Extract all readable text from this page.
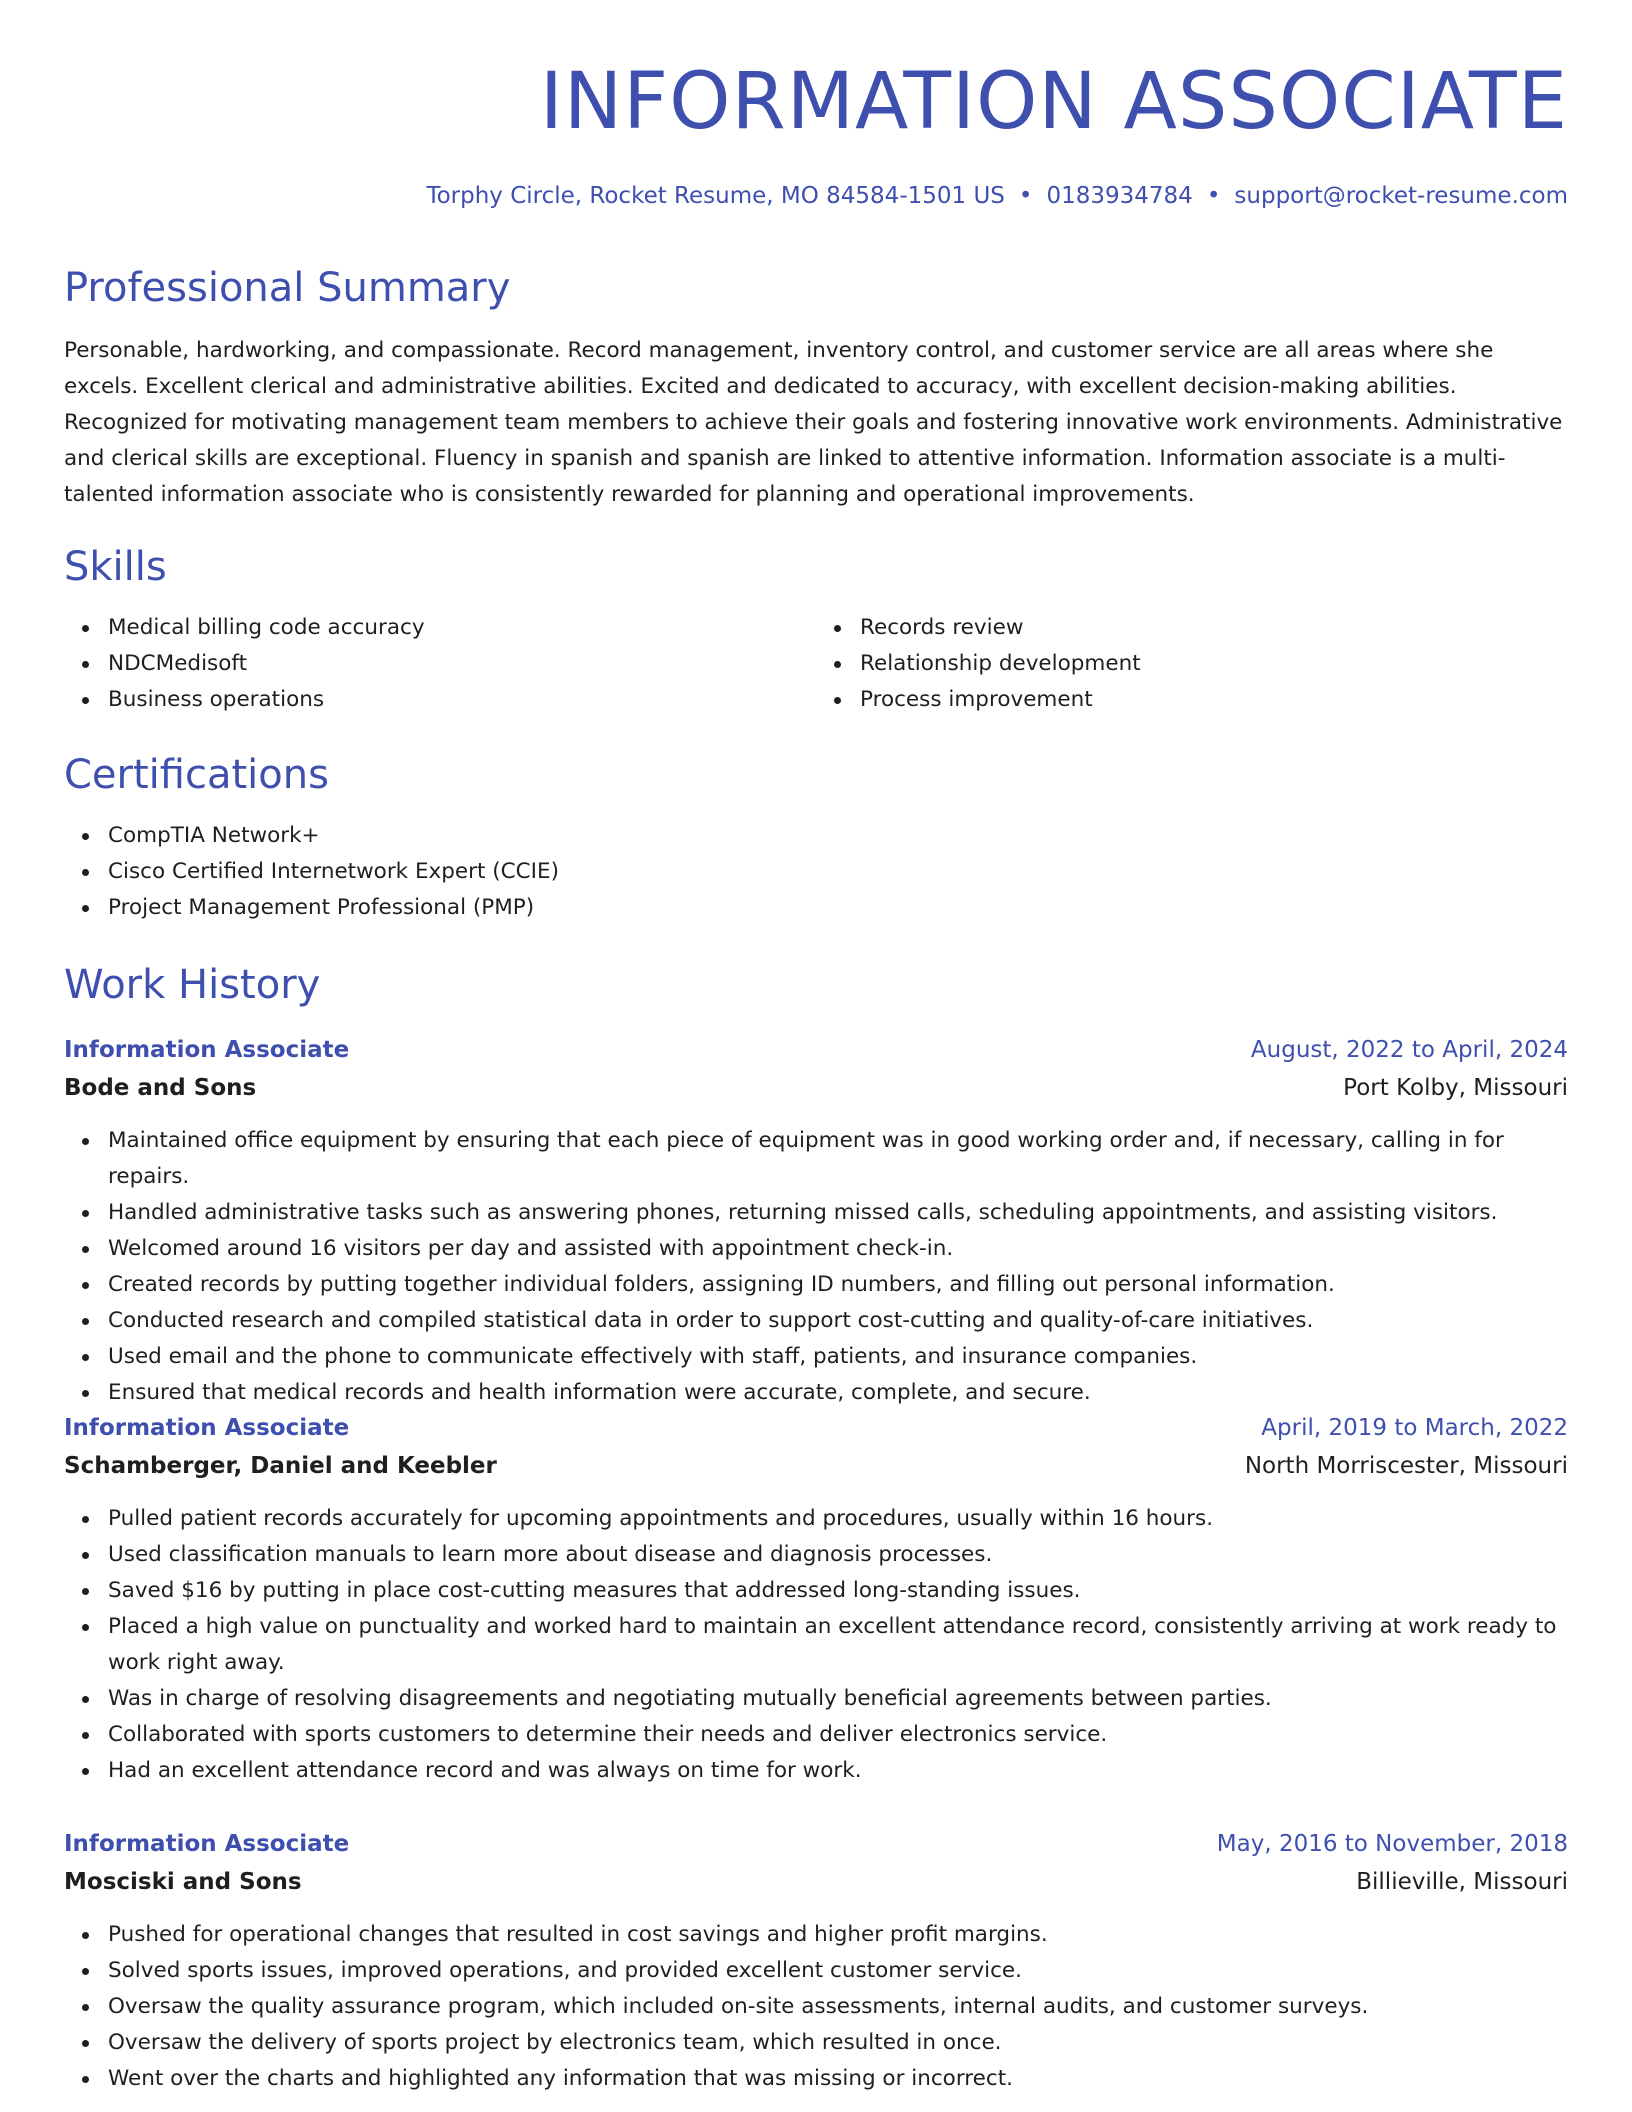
INFORMATION ASSOCIATE
Torphy Circle, Rocket Resume, MO 84584-1501 US • 0183934784 • support@rocket-resume.com
Professional Summary

Personable, hardworking, and compassionate. Record management, inventory control, and customer service are all areas where she excels. Excellent clerical and administrative abilities. Excited and dedicated to accuracy, with excellent decision-making abilities. Recognized for motivating management team members to achieve their goals and fostering innovative work environments. Administrative and clerical skills are exceptional. Fluency in spanish and spanish are linked to attentive information. Information associate is a multi-talented information associate who is consistently rewarded for planning and operational improvements.

Skills
Medical billing code accuracy
NDCMedisoft
Business operations
Records review
Relationship development
Process improvement
Certifications
CompTIA Network+
Cisco Certified Internetwork Expert (CCIE)
Project Management Professional (PMP)
Work History
Information Associate	August, 2022 to April, 2024
Bode and Sons	Port Kolby, Missouri
Maintained office equipment by ensuring that each piece of equipment was in good working order and, if necessary, calling in for repairs.
Handled administrative tasks such as answering phones, returning missed calls, scheduling appointments, and assisting visitors.
Welcomed around 16 visitors per day and assisted with appointment check-in.
Created records by putting together individual folders, assigning ID numbers, and filling out personal information.
Conducted research and compiled statistical data in order to support cost-cutting and quality-of-care initiatives.
Used email and the phone to communicate effectively with staff, patients, and insurance companies.
Ensured that medical records and health information were accurate, complete, and secure.
Information Associate	April, 2019 to March, 2022
Schamberger, Daniel and Keebler	North Morriscester, Missouri
Pulled patient records accurately for upcoming appointments and procedures, usually within 16 hours.
Used classification manuals to learn more about disease and diagnosis processes.
Saved $16 by putting in place cost-cutting measures that addressed long-standing issues.
Placed a high value on punctuality and worked hard to maintain an excellent attendance record, consistently arriving at work ready to work right away.
Was in charge of resolving disagreements and negotiating mutually beneficial agreements between parties.
Collaborated with sports customers to determine their needs and deliver electronics service.
Had an excellent attendance record and was always on time for work.
Information Associate	May, 2016 to November, 2018
Mosciski and Sons	Billieville, Missouri
Pushed for operational changes that resulted in cost savings and higher profit margins.
Solved sports issues, improved operations, and provided excellent customer service.
Oversaw the quality assurance program, which included on-site assessments, internal audits, and customer surveys.
Oversaw the delivery of sports project by electronics team, which resulted in once.
Went over the charts and highlighted any information that was missing or incorrect.
